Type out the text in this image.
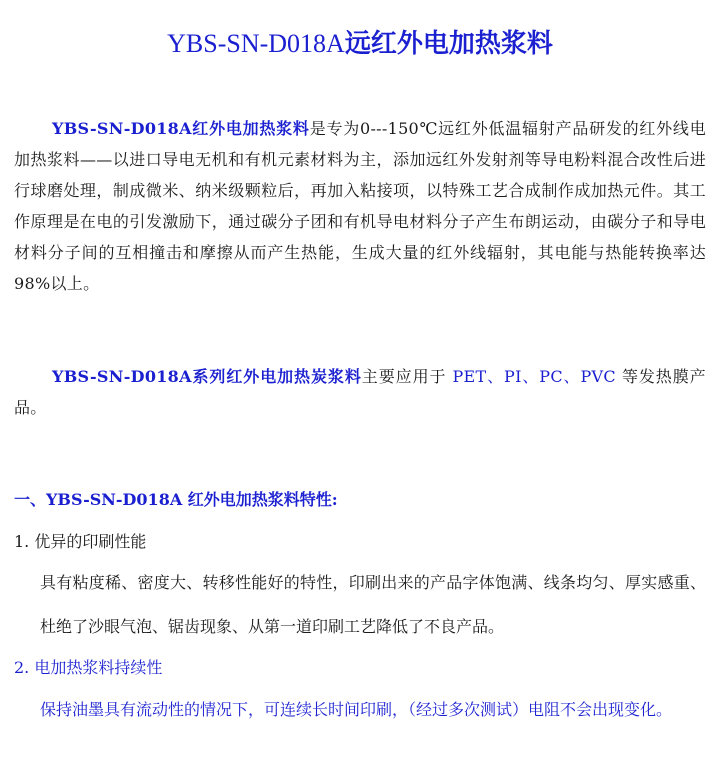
YBS-SN-D018A远红外电加热浆料
YBS-SN-D018A红外电加热浆料是专为0---150℃远红外低温辐射产品研发的红外线电加热浆料——以进口导电无机和有机元素材料为主，添加远红外发射剂等导电粉料混合改性后进行球磨处理，制成微米、纳米级颗粒后，再加入粘接项，以特殊工艺合成制作成加热元件。其工作原理是在电的引发激励下，通过碳分子团和有机导电材料分子产生布朗运动，由碳分子和导电材料分子间的互相撞击和摩擦从而产生热能，生成大量的红外线辐射，其电能与热能转换率达 98%以上。
YBS-SN-D018A系列红外电加热炭浆料主要应用于 PET、PI、PC、PVC 等发热膜产品。
一、YBS-SN-D018A 红外电加热浆料特性:
1. 优异的印刷性能
具有粘度稀、密度大、转移性能好的特性，印刷出来的产品字体饱满、线条均匀、厚实感重、杜绝了沙眼气泡、锯齿现象、从第一道印刷工艺降低了不良产品。
2. 电加热浆料持续性
保持油墨具有流动性的情况下，可连续长时间印刷，（经过多次测试）电阻不会出现变化。
